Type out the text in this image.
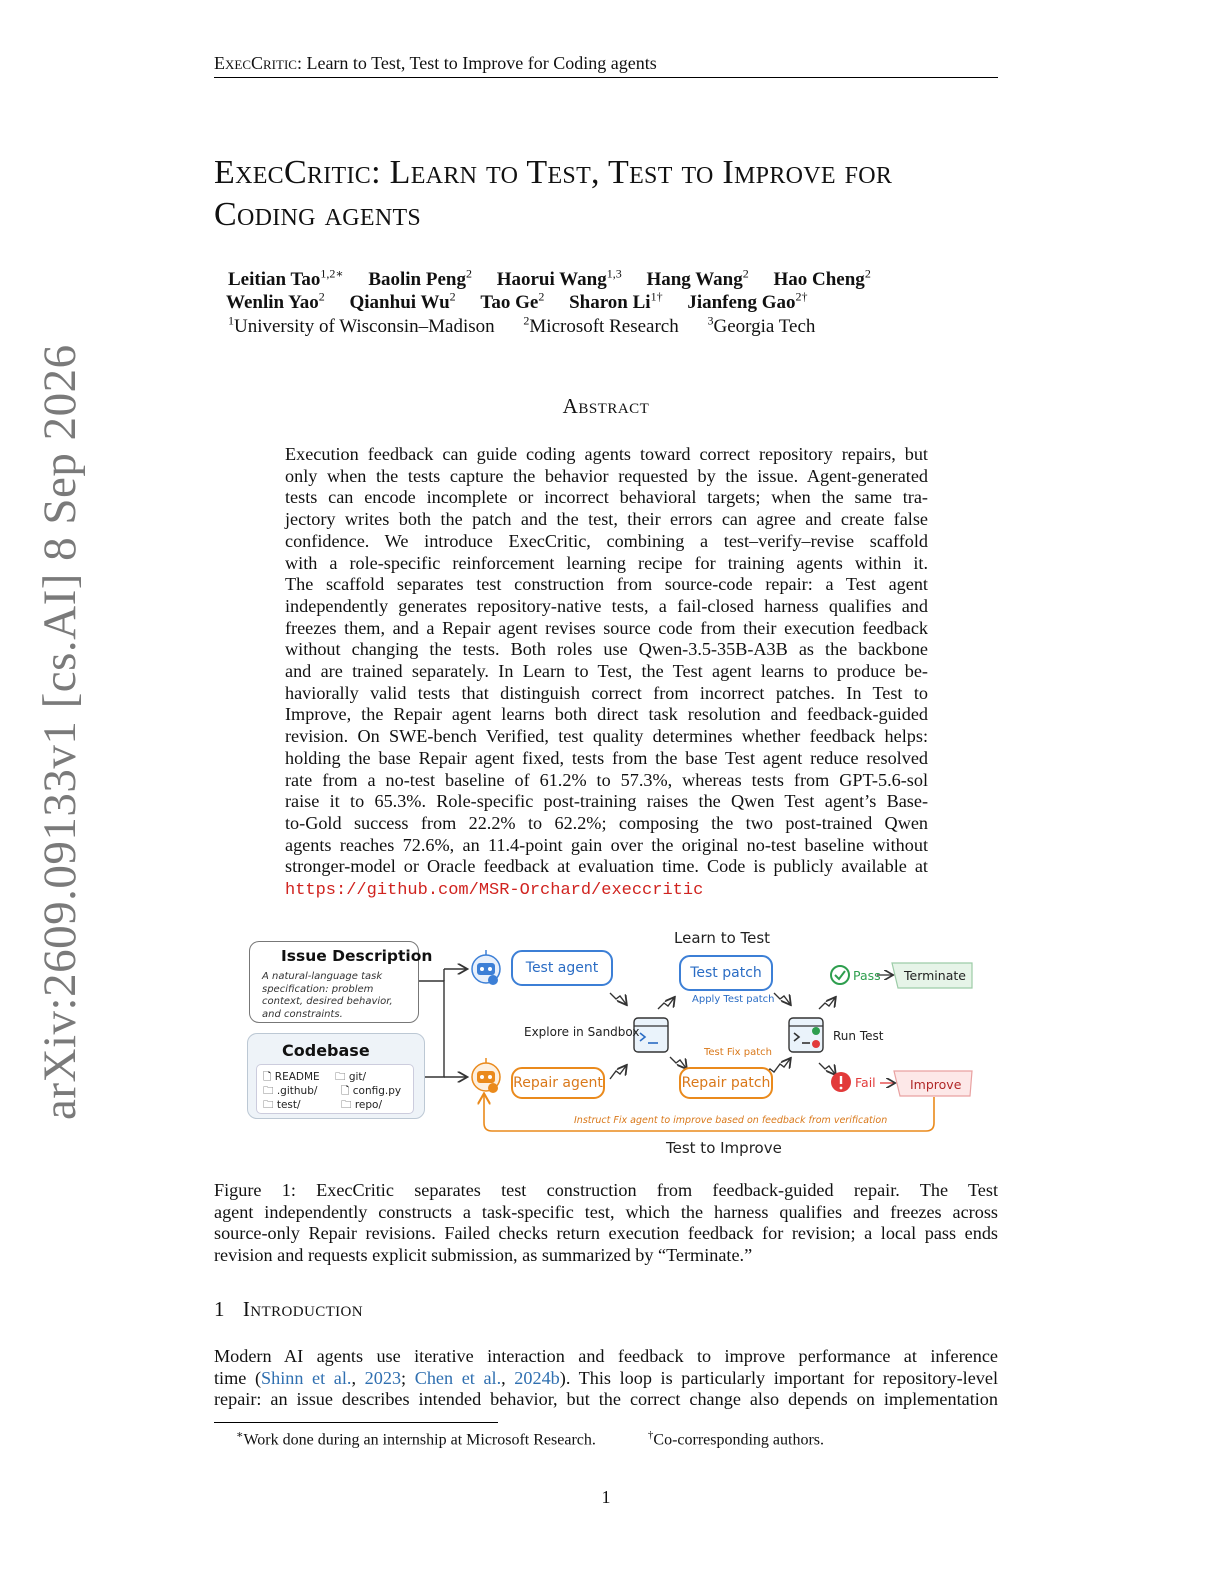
ExecCritic: Learn to Test, Test to Improve for Coding agents
arXiv:2609.09133v1 [cs.AI] 8 Sep 2026
ExecCritic: Learn to Test, Test to Improve for
Coding agents
Leitian Tao$^{1,2∗}$ Baolin Peng$^2$ Haorui Wang$^{1,3}$ Hang Wang$^2$ Hao Cheng$^2$
Wenlin Yao$^2$ Qianhui Wu$^2$ Tao Ge$^2$ Sharon $Li^{1\dagger}$ Jianfeng Gao$^{2\dagger}$
$^1$University of Wisconsin–Madison $^2$Microsoft Research $^3$Georgia Tech
Abstract
Execution feedback can guide coding agents toward correct repository repairs, but
only when the tests capture the behavior requested by the issue. Agent-generated
tests can encode incomplete or incorrect behavioral targets; when the same tra-
jectory writes both the patch and the test, their errors can agree and create false
confidence. We introduce ExecCritic, combining a test–verify–revise scaffold
with a role-specific reinforcement learning recipe for training agents within it.
The scaffold separates test construction from source-code repair: a Test agent
independently generates repository-native tests, a fail-closed harness qualifies and
freezes them, and a Repair agent revises source code from their execution feedback
without changing the tests. Both roles use Qwen-3.5-35B-A3B as the backbone
and are trained separately. In Learn to Test, the Test agent learns to produce be-
haviorally valid tests that distinguish correct from incorrect patches. In Test to
Improve, the Repair agent learns both direct task resolution and feedback-guided
revision. On SWE-bench Verified, test quality determines whether feedback helps:
holding the base Repair agent fixed, tests from the base Test agent reduce resolved
rate from a no-test baseline of 61.2% to 57.3%, whereas tests from GPT-5.6-sol
raise it to 65.3%. Role-specific post-training raises the Qwen Test agent’s Base-
to-Gold success from 22.2% to 62.2%; composing the two post-trained Qwen
agents reaches 72.6%, an 11.4-point gain over the original no-test baseline without
stronger-model or Oracle feedback at evaluation time. Code is publicly available at
https://github.com/MSR-Orchard/execcritic
Issue Description
A natural-language task specification: problem context, desired behavior, and constraints.
Codebase
🗋 README 🗀 git/
🗀 .github/ 🗋 config.py
🗀 test/	🗀 repo/
Learn to Test
Test to Improve
Test agent
Repair agent
Test patch
Repair patch
Apply Test patch
Test Fix patch
Explore in Sandbox	Run Test
Pass
Fail
Terminate
Improve
Instruct Fix agent to improve based on feedback from verification
Figure 1: ExecCritic separates test construction from feedback-guided repair. The Test
agent independently constructs a task-specific test, which the harness qualifies and freezes across
source-only Repair revisions. Failed checks return execution feedback for revision; a local pass ends
revision and requests explicit submission, as summarized by “Terminate.”
1 Introduction
Modern AI agents use iterative interaction and feedback to improve performance at inference
time (Shinn et al., 2023; Chen et al., 2024b). This loop is particularly important for repository-level
repair: an issue describes intended behavior, but the correct change also depends on implementation
∗Work done during an internship at Microsoft Research.	†Co-corresponding authors.
1
